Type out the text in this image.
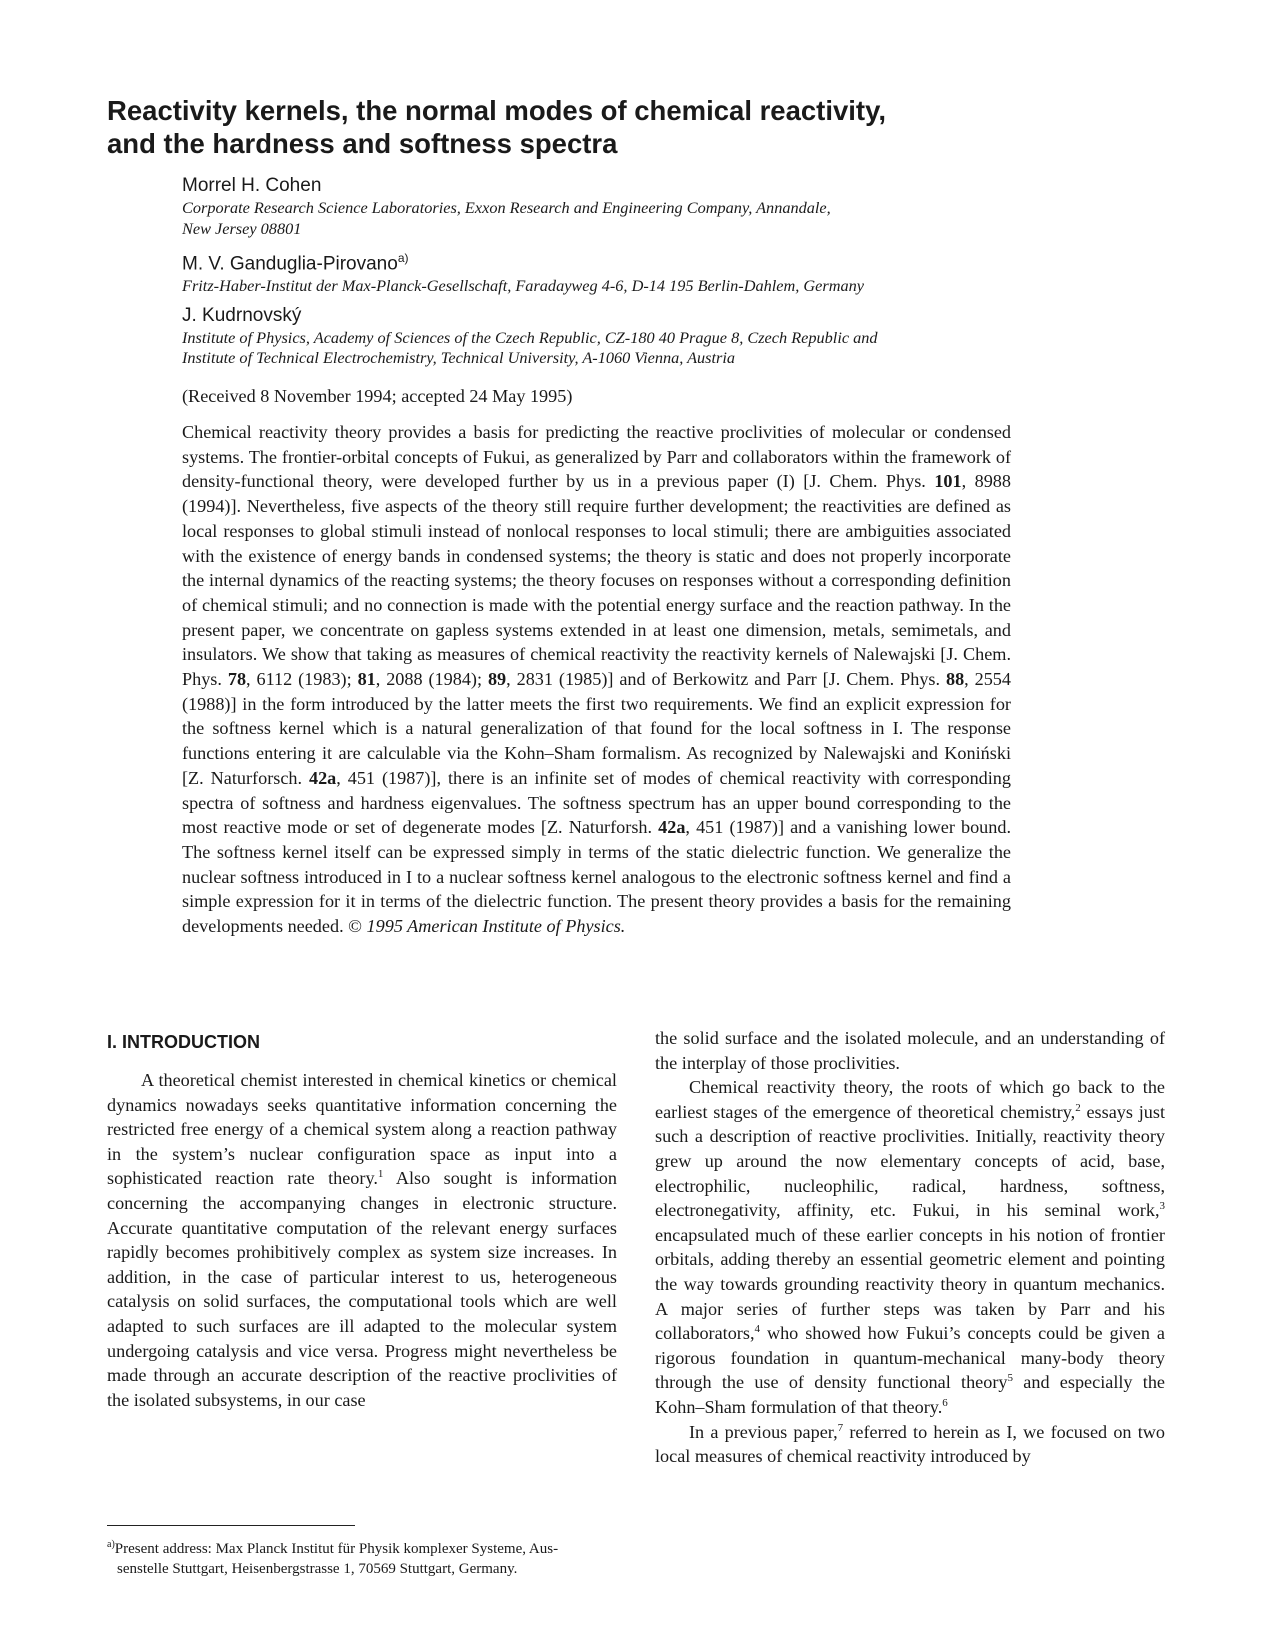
Reactivity kernels, the normal modes of chemical reactivity,
and the hardness and softness spectra
Morrel H. Cohen
Corporate Research Science Laboratories, Exxon Research and Engineering Company, Annandale,
New Jersey 08801
M. V. Ganduglia-Pirovano$^{a)}$
Fritz-Haber-Institut der Max-Planck-Gesellschaft, Faradayweg 4-6, D-14 195 Berlin-Dahlem, Germany
J. Kudrnovský
Institute of Physics, Academy of Sciences of the Czech Republic, CZ-180 40 Prague 8, Czech Republic and
Institute of Technical Electrochemistry, Technical University, A-1060 Vienna, Austria
(Received 8 November 1994; accepted 24 May 1995)

Chemical reactivity theory provides a basis for predicting the reactive proclivities of molecular or condensed systems. The frontier-orbital concepts of Fukui, as generalized by Parr and collaborators within the framework of density-functional theory, were developed further by us in a previous paper (I) [J. Chem. Phys. 101, 8988 (1994)]. Nevertheless, five aspects of the theory still require further development; the reactivities are defined as local responses to global stimuli instead of nonlocal responses to local stimuli; there are ambiguities associated with the existence of energy bands in condensed systems; the theory is static and does not properly incorporate the internal dynamics of the reacting systems; the theory focuses on responses without a corresponding definition of chemical stimuli; and no connection is made with the potential energy surface and the reaction pathway. In the present paper, we concentrate on gapless systems extended in at least one dimension, metals, semimetals, and insulators. We show that taking as measures of chemical reactivity the reactivity kernels of Nalewajski [J. Chem. Phys. 78, 6112 (1983); 81, 2088 (1984); 89, 2831 (1985)] and of Berkowitz and Parr [J. Chem. Phys. 88, 2554 (1988)] in the form introduced by the latter meets the first two requirements. We find an explicit expression for the softness kernel which is a natural generalization of that found for the local softness in I. The response functions entering it are calculable via the Kohn–Sham formalism. As recognized by Nalewajski and Koniński [Z. Naturforsch. 42a, 451 (1987)], there is an infinite set of modes of chemical reactivity with corresponding spectra of softness and hardness eigenvalues. The softness spectrum has an upper bound corresponding to the most reactive mode or set of degenerate modes [Z. Naturforsh. 42a, 451 (1987)] and a vanishing lower bound. The softness kernel itself can be expressed simply in terms of the static dielectric function. We generalize the nuclear softness introduced in I to a nuclear softness kernel analogous to the electronic softness kernel and find a simple expression for it in terms of the dielectric function. The present theory provides a basis for the remaining developments needed. © 1995 American Institute of Physics.

I. INTRODUCTION

A theoretical chemist interested in chemical kinetics or chemical dynamics nowadays seeks quantitative information concerning the restricted free energy of a chemical system along a reaction pathway in the system’s nuclear configuration space as input into a sophisticated reaction rate theory.$^1$ Also sought is information concerning the accompanying changes in electronic structure. Accurate quantitative computation of the relevant energy surfaces rapidly becomes prohibitively complex as system size increases. In addition, in the case of particular interest to us, heterogeneous catalysis on solid surfaces, the computational tools which are well adapted to such surfaces are ill adapted to the molecular system undergoing catalysis and vice versa. Progress might nevertheless be made through an accurate description of the reactive proclivities of the isolated subsystems, in our case

the solid surface and the isolated molecule, and an understanding of the interplay of those proclivities.

Chemical reactivity theory, the roots of which go back to the earliest stages of the emergence of theoretical chemistry,$^2$ essays just such a description of reactive proclivities. Initially, reactivity theory grew up around the now elementary concepts of acid, base, electrophilic, nucleophilic, radical, hardness, softness, electronegativity, affinity, etc. Fukui, in his seminal work,$^3$ encapsulated much of these earlier concepts in his notion of frontier orbitals, adding thereby an essential geometric element and pointing the way towards grounding reactivity theory in quantum mechanics. A major series of further steps was taken by Parr and his collaborators,$^4$ who showed how Fukui’s concepts could be given a rigorous foundation in quantum-mechanical many-body theory through the use of density functional theory$^5$ and especially the Kohn–Sham formulation of that theory.$^6$

In a previous paper,$^7$ referred to herein as I, we focused on two local measures of chemical reactivity introduced by

$^{a)}$Present address: Max Planck Institut für Physik komplexer Systeme, Aus-
senstelle Stuttgart, Heisenbergstrasse 1, 70569 Stuttgart, Germany.
